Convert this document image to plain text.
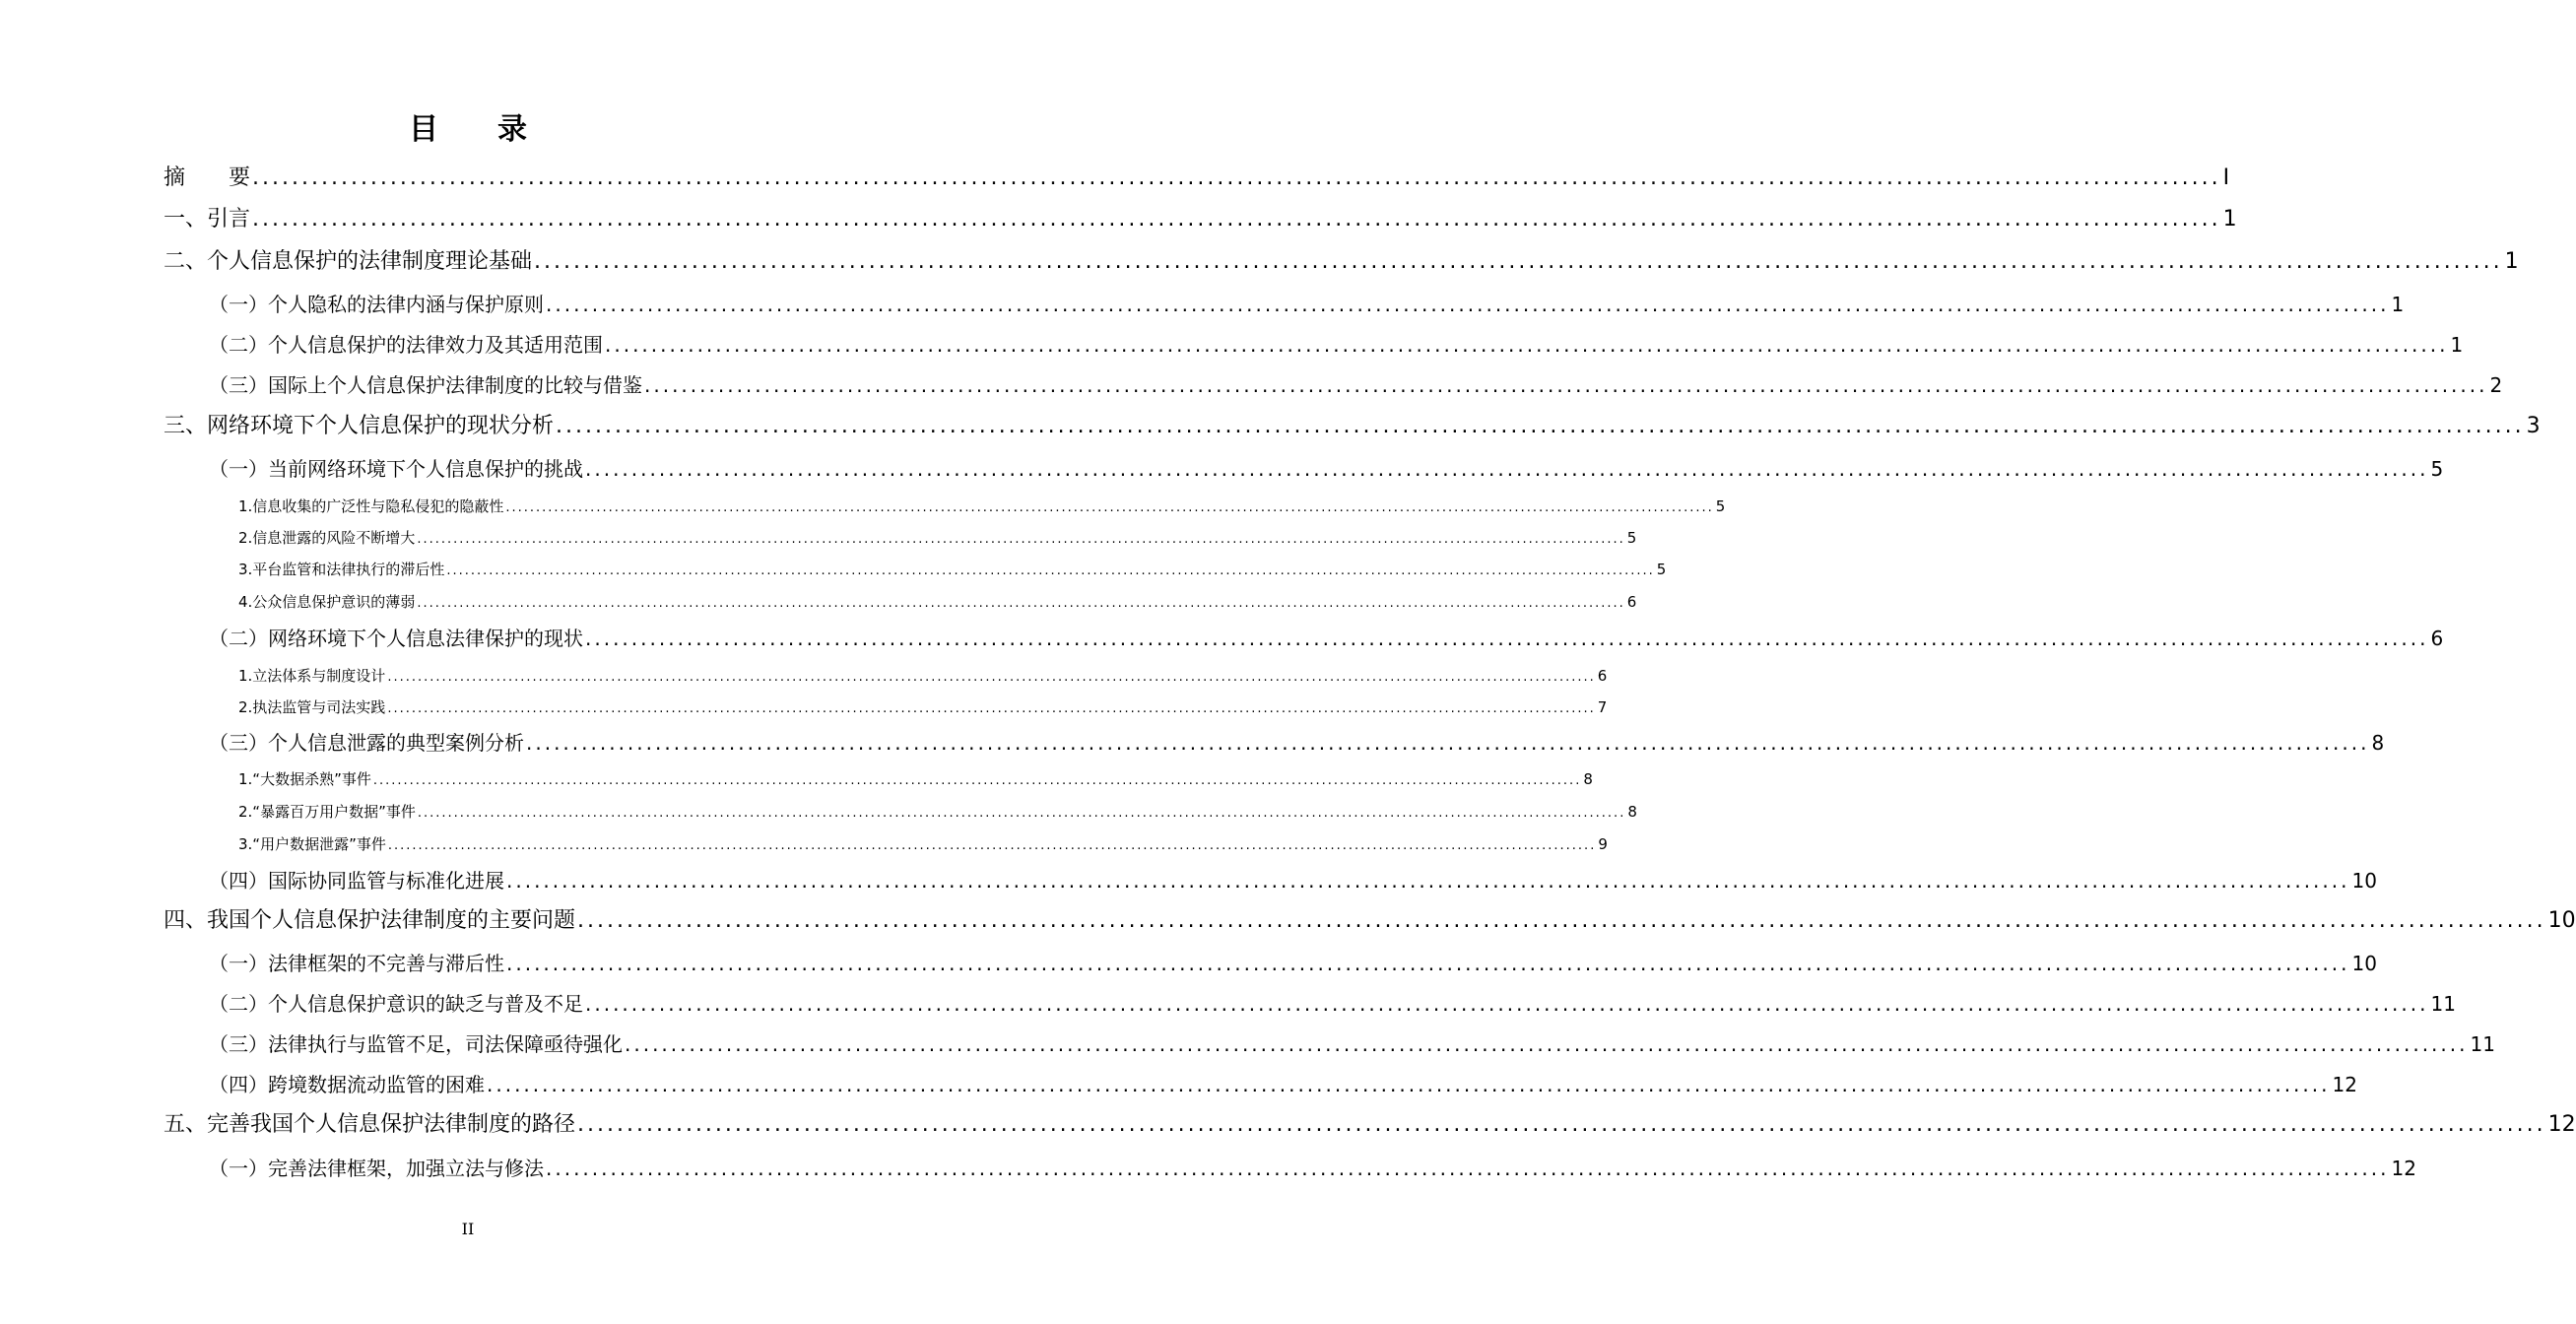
目　　录
摘　　要 ........................................................................................................................................................................................................ I
一、引言 ........................................................................................................................................................................................................ 1
二、个人信息保护的法律制度理论基础 ........................................................................................................................................................................................................ 1
（一）个人隐私的法律内涵与保护原则 ........................................................................................................................................................................................................ 1
（二）个人信息保护的法律效力及其适用范围 ........................................................................................................................................................................................................ 1
（三）国际上个人信息保护法律制度的比较与借鉴 ........................................................................................................................................................................................................ 2
三、网络环境下个人信息保护的现状分析 ........................................................................................................................................................................................................ 3
（一）当前网络环境下个人信息保护的挑战 ........................................................................................................................................................................................................ 5
1.信息收集的广泛性与隐私侵犯的隐蔽性 ........................................................................................................................................................................................................ 5
2.信息泄露的风险不断增大 ........................................................................................................................................................................................................ 5
3.平台监管和法律执行的滞后性 ........................................................................................................................................................................................................ 5
4.公众信息保护意识的薄弱 ........................................................................................................................................................................................................ 6
（二）网络环境下个人信息法律保护的现状 ........................................................................................................................................................................................................ 6
1.立法体系与制度设计 ........................................................................................................................................................................................................ 6
2.执法监管与司法实践 ........................................................................................................................................................................................................ 7
（三）个人信息泄露的典型案例分析 ........................................................................................................................................................................................................ 8
1.“大数据杀熟”事件 ........................................................................................................................................................................................................ 8
2.“暴露百万用户数据”事件 ........................................................................................................................................................................................................ 8
3.“用户数据泄露”事件 ........................................................................................................................................................................................................ 9
（四）国际协同监管与标准化进展 ........................................................................................................................................................................................................ 10
四、我国个人信息保护法律制度的主要问题 ........................................................................................................................................................................................................ 10
（一）法律框架的不完善与滞后性 ........................................................................................................................................................................................................ 10
（二）个人信息保护意识的缺乏与普及不足 ........................................................................................................................................................................................................ 11
（三）法律执行与监管不足，司法保障亟待强化 ........................................................................................................................................................................................................ 11
（四）跨境数据流动监管的困难 ........................................................................................................................................................................................................ 12
五、完善我国个人信息保护法律制度的路径 ........................................................................................................................................................................................................ 12
（一）完善法律框架，加强立法与修法 ........................................................................................................................................................................................................ 12
II
